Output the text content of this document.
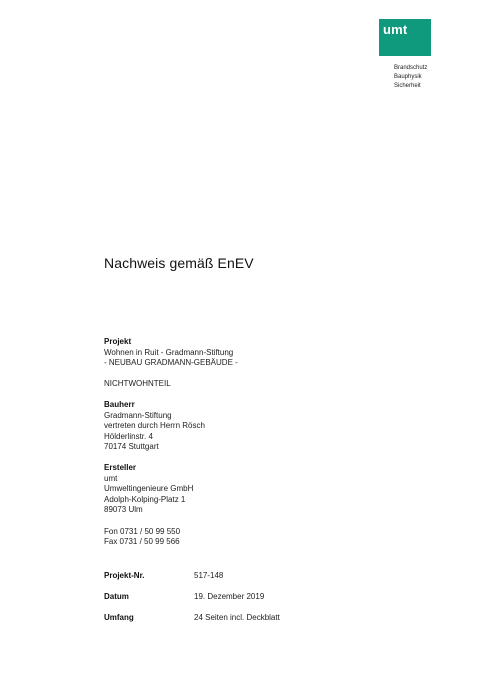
umt
Brandschutz
Bauphysik
Sicherheit
Nachweis gemäß EnEV
Projekt
Wohnen in Ruit - Gradmann-Stiftung
- NEUBAU GRADMANN-GEBÄUDE -
NICHTWOHNTEIL
Bauherr
Gradmann-Stiftung
vertreten durch Herrn Rösch
Hölderlinstr. 4
70174 Stuttgart
Ersteller
umt
Umweltingenieure GmbH
Adolph-Kolping-Platz 1
89073 Ulm
Fon 0731 / 50 99 550
Fax 0731 / 50 99 566
Projekt-Nr.	517-148
Datum	19. Dezember 2019
Umfang	24 Seiten incl. Deckblatt
